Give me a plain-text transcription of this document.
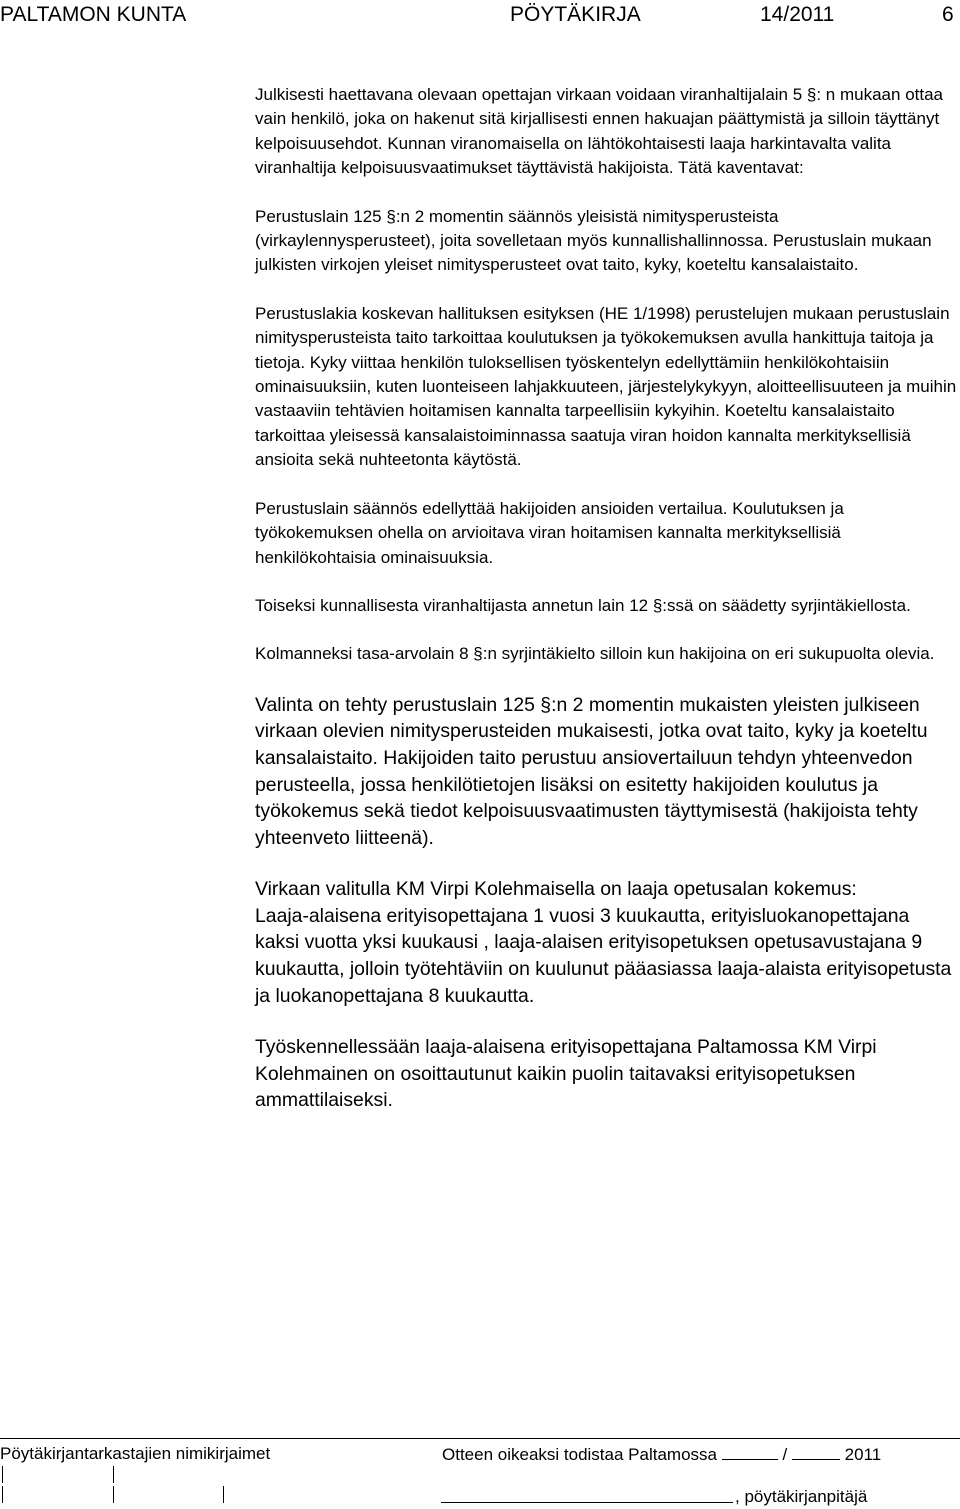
PALTAMON KUNTA	PÖYTÄKIRJA	14/2011	6

Julkisesti haettavana olevaan opettajan virkaan voidaan viranhaltijalain 5 §: n mukaan ottaa vain henkilö, joka on hakenut sitä kirjallisesti ennen hakuajan päättymistä ja silloin täyttänyt kelpoisuusehdot. Kunnan viranomaisella on lähtökohtaisesti laaja harkintavalta valita viranhaltija kelpoisuusvaatimukset täyttävistä hakijoista. Tätä kaventavat:

Perustuslain 125 §:n 2 momentin säännös yleisistä nimitysperusteista (virkaylennysperusteet), joita sovelletaan myös kunnallishallinnossa. Perustuslain mukaan julkisten virkojen yleiset nimitysperusteet ovat taito, kyky, koeteltu kansalaistaito.

Perustuslakia koskevan hallituksen esityksen (HE 1/1998) perustelujen mukaan perustuslain nimitysperusteista taito tarkoittaa koulutuksen ja työkokemuksen avulla hankittuja taitoja ja tietoja. Kyky viittaa henkilön tuloksellisen työskentelyn edellyttämiin henkilökohtaisiin ominaisuuksiin, kuten luonteiseen lahjakkuuteen, järjestelykykyyn, aloitteellisuuteen ja muihin vastaaviin tehtävien hoitamisen kannalta tarpeellisiin kykyihin. Koeteltu kansalaistaito tarkoittaa yleisessä kansalaistoiminnassa saatuja viran hoidon kannalta merkityksellisiä ansioita sekä nuhteetonta käytöstä.

Perustuslain säännös edellyttää hakijoiden ansioiden vertailua. Koulutuksen ja työkokemuksen ohella on arvioitava viran hoitamisen kannalta merkityksellisiä henkilökohtaisia ominaisuuksia.

Toiseksi kunnallisesta viranhaltijasta annetun lain 12 §:ssä on säädetty syrjintäkiellosta.

Kolmanneksi tasa-arvolain 8 §:n syrjintäkielto silloin kun hakijoina on eri sukupuolta olevia.

Valinta on tehty perustuslain 125 §:n 2 momentin mukaisten yleisten julkiseen virkaan olevien nimitysperusteiden mukaisesti, jotka ovat taito, kyky ja koeteltu kansalaistaito. Hakijoiden taito perustuu ansiovertailuun tehdyn yhteenvedon perusteella, jossa henkilötietojen lisäksi on esitetty hakijoiden koulutus ja työkokemus sekä tiedot kelpoisuusvaatimusten täyttymisestä (hakijoista tehty yhteenveto liitteenä).

Virkaan valitulla KM Virpi Kolehmaisella on laaja opetusalan kokemus:

Laaja-alaisena erityisopettajana 1 vuosi 3 kuukautta, erityisluokanopettajana kaksi vuotta yksi kuukausi , laaja-alaisen erityisopetuksen opetusavustajana 9 kuukautta, jolloin työtehtäviin on kuulunut pääasiassa laaja-alaista erityisopetusta ja luokanopettajana 8 kuukautta.

Työskennellessään laaja-alaisena erityisopettajana Paltamossa KM Virpi Kolehmainen on osoittautunut kaikin puolin taitavaksi erityisopetuksen ammattilaiseksi.

Pöytäkirjantarkastajien nimikirjaimet	Otteen oikeaksi todistaa Paltamossa	/	2011
, pöytäkirjanpitäjä
